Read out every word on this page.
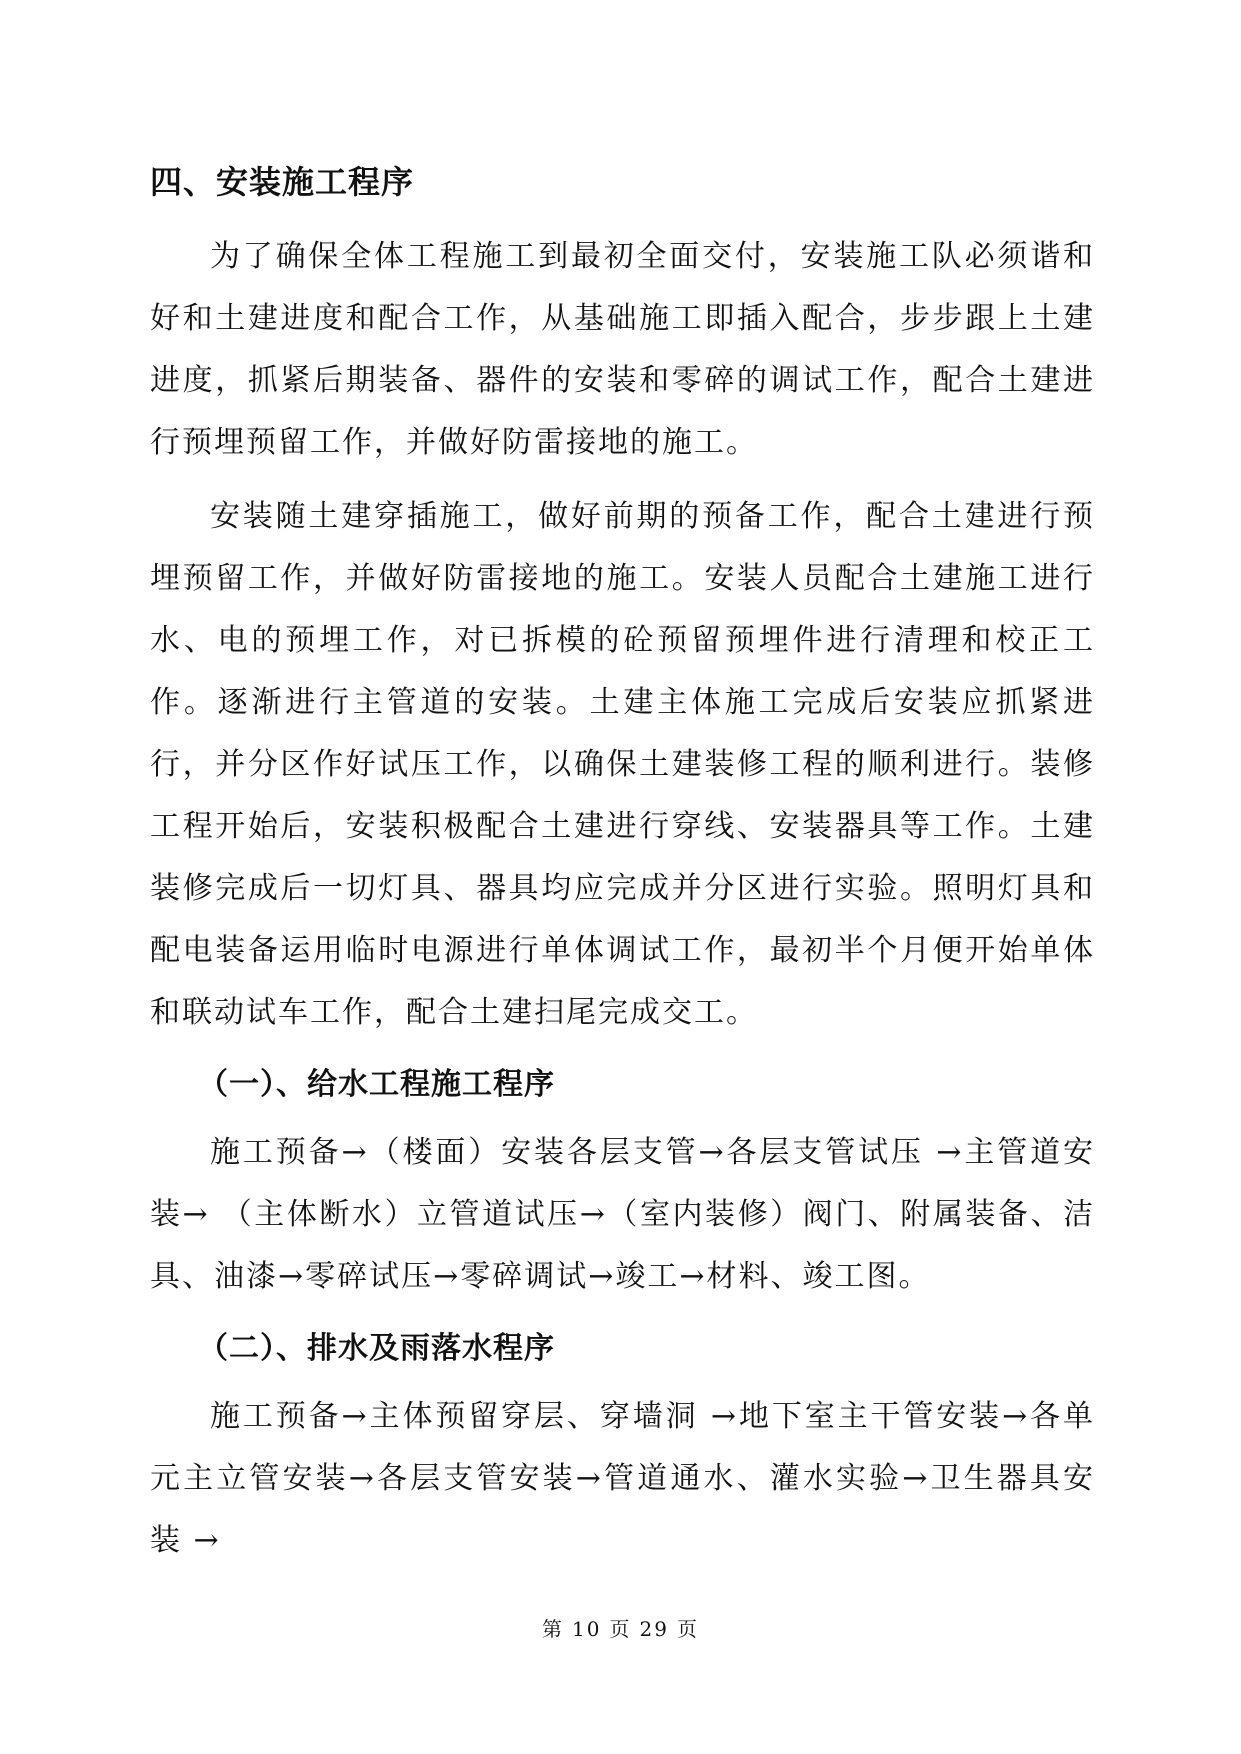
四、安装施工程序

为了确保全体工程施工到最初全面交付，安装施工队必须谐和好和土建进度和配合工作，从基础施工即插入配合，步步跟上土建进度，抓紧后期装备、器件的安装和零碎的调试工作，配合土建进行预埋预留工作，并做好防雷接地的施工。

安装随土建穿插施工，做好前期的预备工作，配合土建进行预埋预留工作，并做好防雷接地的施工。安装人员配合土建施工进行水、电的预埋工作，对已拆模的砼预留预埋件进行清理和校正工作。逐渐进行主管道的安装。土建主体施工完成后安装应抓紧进行，并分区作好试压工作，以确保土建装修工程的顺利进行。装修工程开始后，安装积极配合土建进行穿线、安装器具等工作。土建装修完成后一切灯具、器具均应完成并分区进行实验。照明灯具和配电装备运用临时电源进行单体调试工作，最初半个月便开始单体和联动试车工作，配合土建扫尾完成交工。

（一）、给水工程施工程序

施工预备→（楼面）安装各层支管→各层支管试压 →主管道安装→ （主体断水）立管道试压→（室内装修）阀门、附属装备、洁具、油漆→零碎试压→零碎调试→竣工→材料、竣工图。

（二）、排水及雨落水程序

施工预备→主体预留穿层、穿墙洞 →地下室主干管安装→各单元主立管安装→各层支管安装→管道通水、灌水实验→卫生器具安装 →

第 10 页 29 页
